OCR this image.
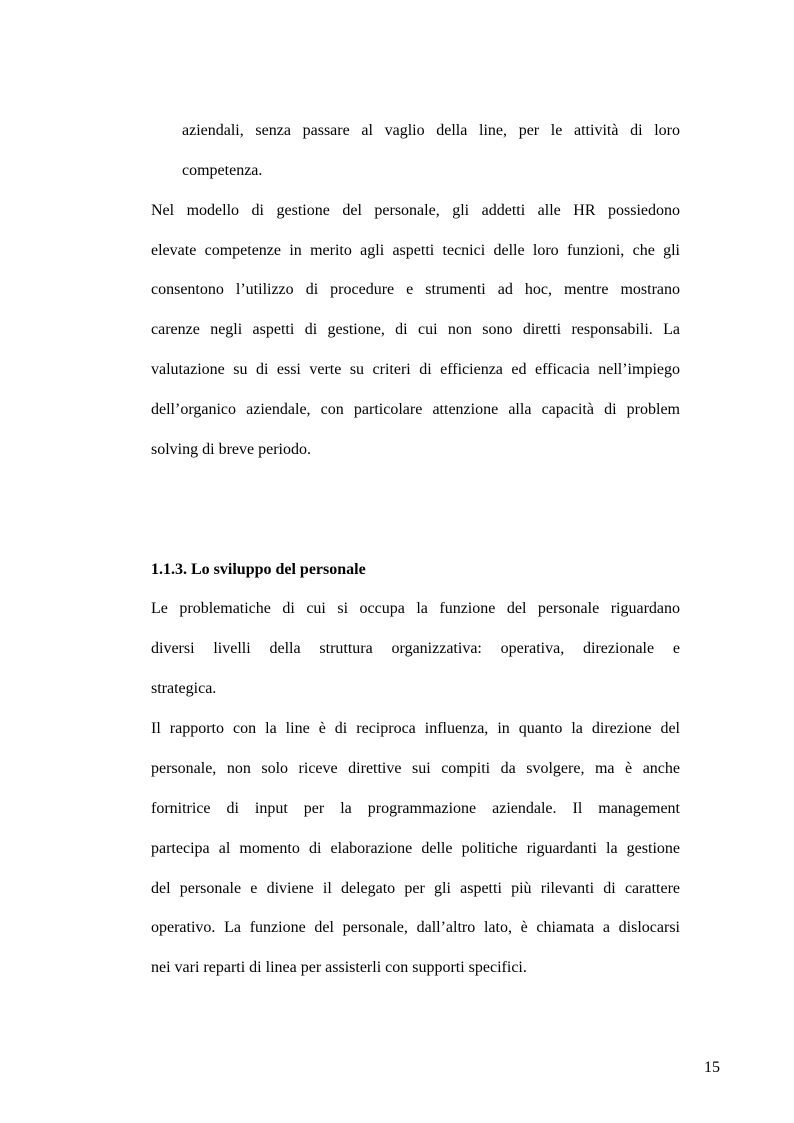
aziendali, senza passare al vaglio della line, per le attività di loro
competenza.
Nel modello di gestione del personale, gli addetti alle HR possiedono
elevate competenze in merito agli aspetti tecnici delle loro funzioni, che gli
consentono l’utilizzo di procedure e strumenti ad hoc, mentre mostrano
carenze negli aspetti di gestione, di cui non sono diretti responsabili. La
valutazione su di essi verte su criteri di efficienza ed efficacia nell’impiego
dell’organico aziendale, con particolare attenzione alla capacità di problem
solving di breve periodo.
1.1.3. Lo sviluppo del personale
Le problematiche di cui si occupa la funzione del personale riguardano
diversi livelli della struttura organizzativa: operativa, direzionale e
strategica.
Il rapporto con la line è di reciproca influenza, in quanto la direzione del
personale, non solo riceve direttive sui compiti da svolgere, ma è anche
fornitrice di input per la programmazione aziendale. Il management
partecipa al momento di elaborazione delle politiche riguardanti la gestione
del personale e diviene il delegato per gli aspetti più rilevanti di carattere
operativo. La funzione del personale, dall’altro lato, è chiamata a dislocarsi
nei vari reparti di linea per assisterli con supporti specifici.
15
